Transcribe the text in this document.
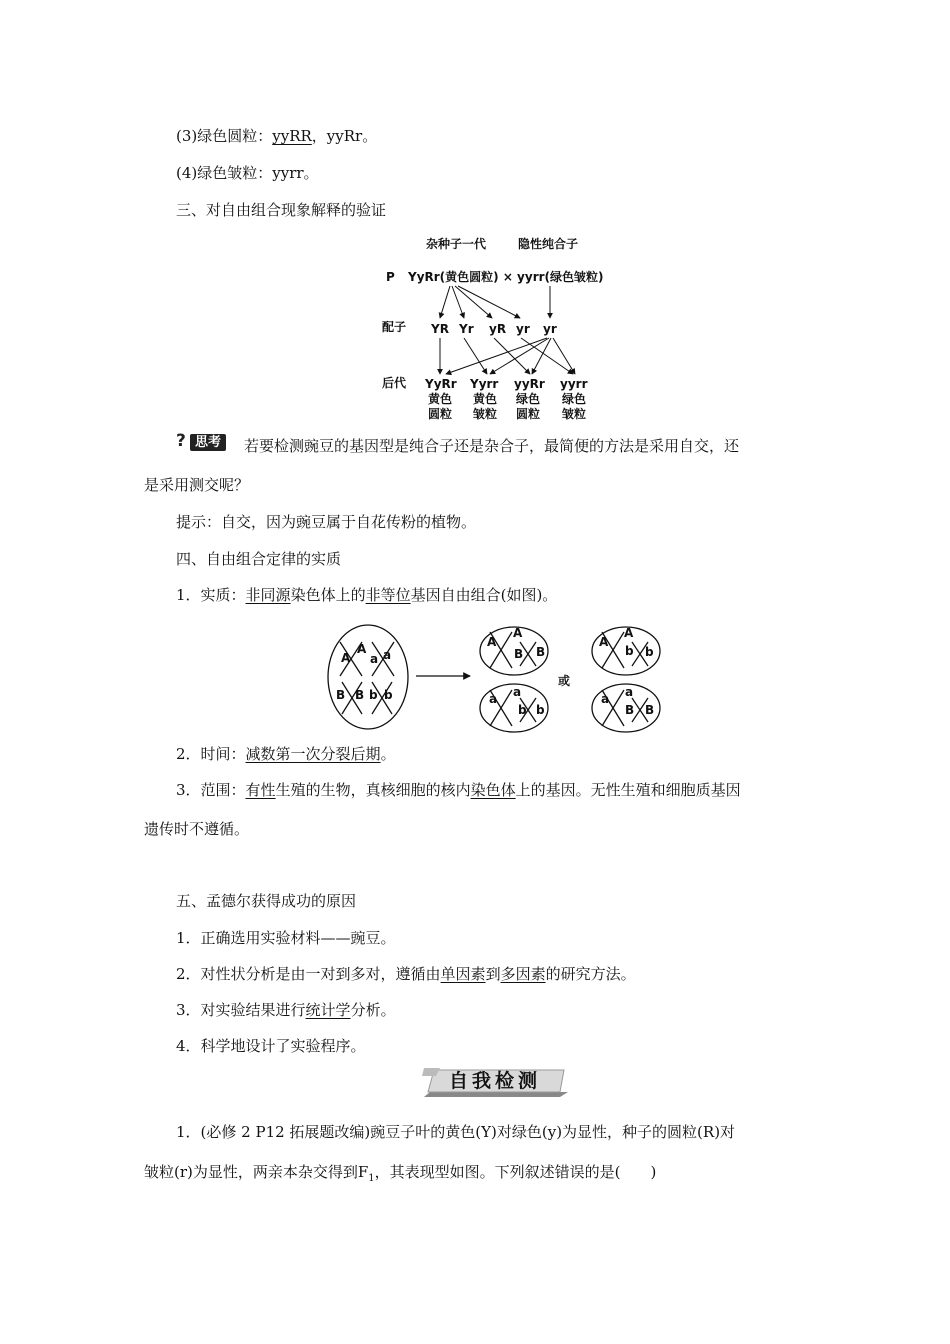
(3)绿色圆粒：yyRR，yyRr。
(4)绿色皱粒：yyrr。
三、对自由组合现象解释的验证
杂种子一代	隐性纯合子
P YyRr(黄色圆粒) × yyrr(绿色皱粒)
配子 YR Yr yR yr yr
后代 YyRr
黄色
圆粒
Yyrr
黄色
皱粒
yyRr
绿色
圆粒
yyrr
绿色
皱粒
? 思考	若要检测豌豆的基因型是纯合子还是杂合子，最简便的方法是采用自交，还
是采用测交呢？
提示：自交，因为豌豆属于自花传粉的植物。
四、自由组合定律的实质
1．实质：非同源染色体上的非等位基因自由组合(如图)。
A
A
a a
B B b b
A
A
B B
a a
b b
或
A
A
b b
a a
B B
2．时间：减数第一次分裂后期。
3．范围：有性生殖的生物，真核细胞的核内染色体上的基因。无性生殖和细胞质基因
遗传时不遵循。
五、孟德尔获得成功的原因
1．正确选用实验材料——豌豆。
2．对性状分析是由一对到多对，遵循由单因素到多因素的研究方法。
3．对实验结果进行统计学分析。
4．科学地设计了实验程序。
自我检测
1．(必修 2 P12 拓展题改编)豌豆子叶的黄色(Y)对绿色(y)为显性，种子的圆粒(R)对
皱粒(r)为显性，两亲本杂交得到$F_1$，其表现型如图。下列叙述错误的是(　　)
